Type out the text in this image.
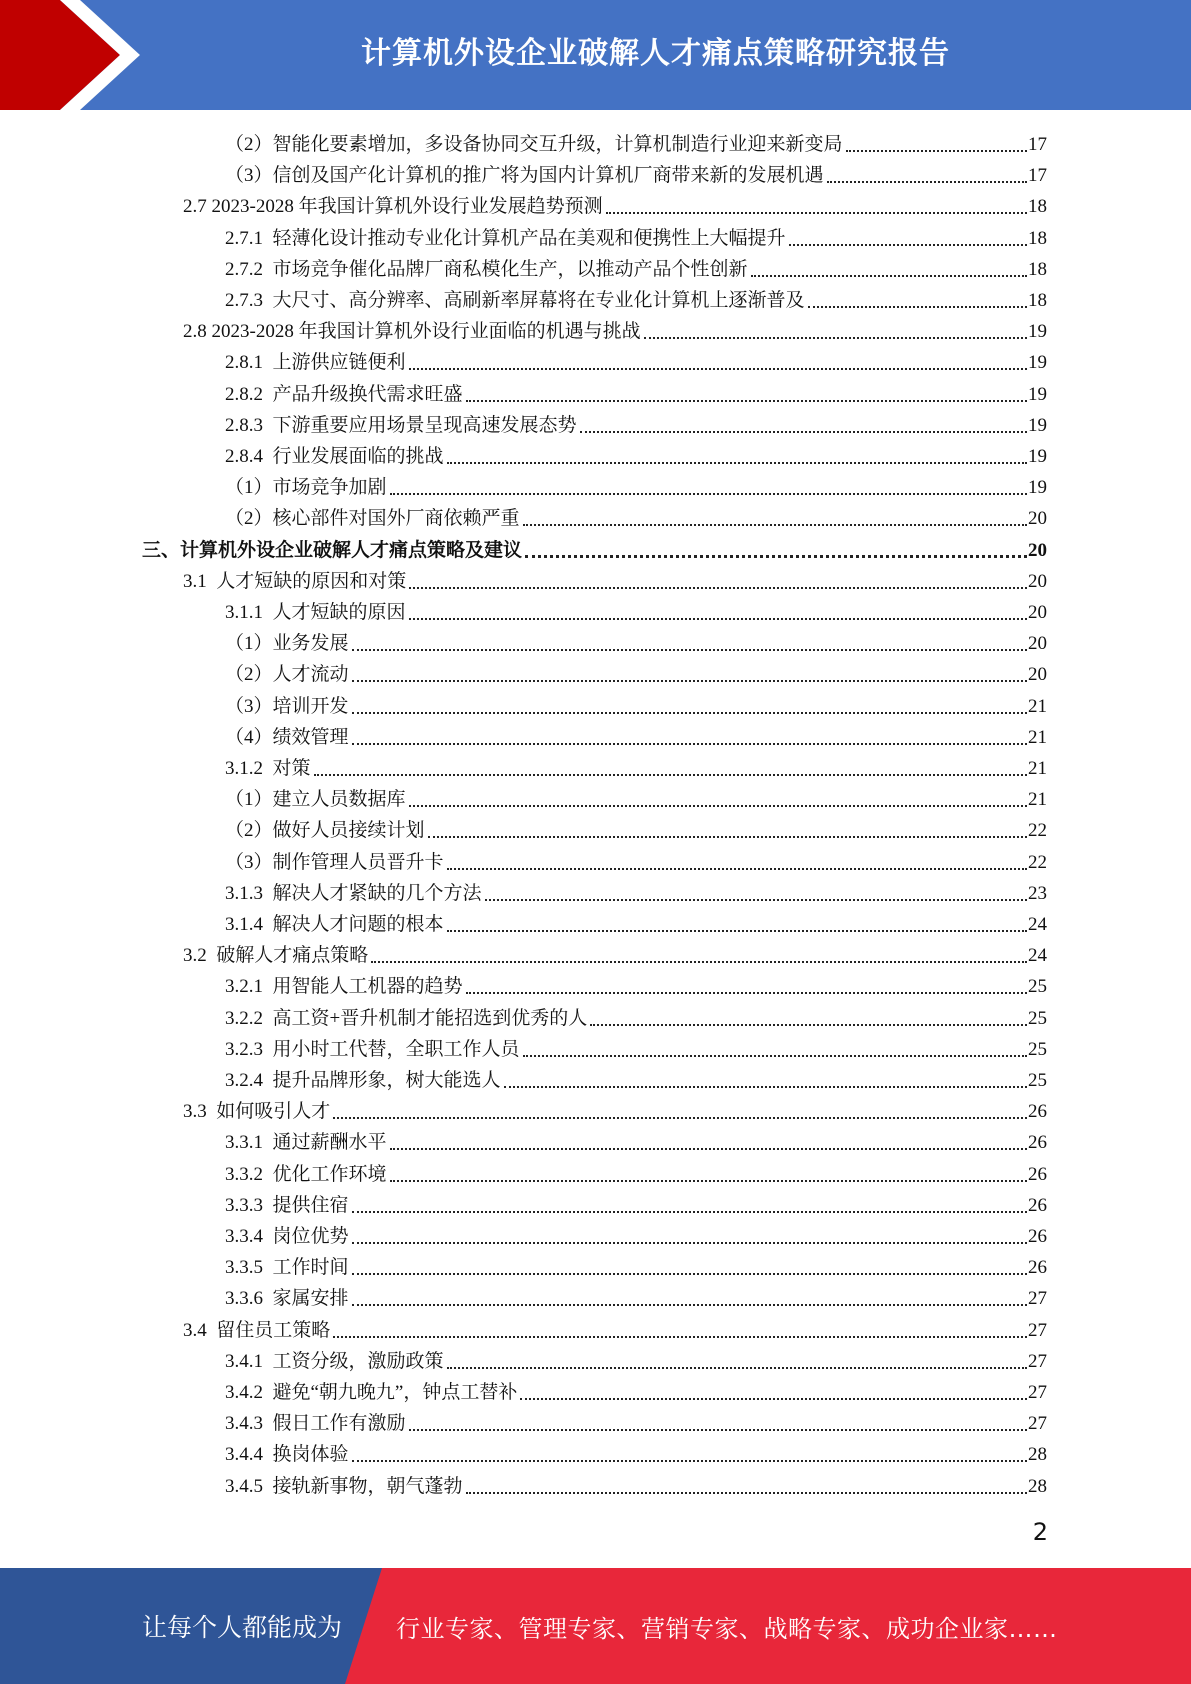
计算机外设企业破解人才痛点策略研究报告
（2）智能化要素增加，多设备协同交互升级，计算机制造行业迎来新变局	17
（3）信创及国产化计算机的推广将为国内计算机厂商带来新的发展机遇	17
2.7 2023-2028 年我国计算机外设行业发展趋势预测	18
2.7.1  轻薄化设计推动专业化计算机产品在美观和便携性上大幅提升	18
2.7.2  市场竞争催化品牌厂商私模化生产，以推动产品个性创新	18
2.7.3  大尺寸、高分辨率、高刷新率屏幕将在专业化计算机上逐渐普及	18
2.8 2023-2028 年我国计算机外设行业面临的机遇与挑战	19
2.8.1  上游供应链便利	19
2.8.2  产品升级换代需求旺盛	19
2.8.3  下游重要应用场景呈现高速发展态势	19
2.8.4  行业发展面临的挑战	19
（1）市场竞争加剧	19
（2）核心部件对国外厂商依赖严重	20
三、计算机外设企业破解人才痛点策略及建议	20
3.1  人才短缺的原因和对策	20
3.1.1  人才短缺的原因	20
（1）业务发展	20
（2）人才流动	20
（3）培训开发	21
（4）绩效管理	21
3.1.2  对策	21
（1）建立人员数据库	21
（2）做好人员接续计划	22
（3）制作管理人员晋升卡	22
3.1.3  解决人才紧缺的几个方法	23
3.1.4  解决人才问题的根本	24
3.2  破解人才痛点策略	24
3.2.1  用智能人工机器的趋势	25
3.2.2  高工资+晋升机制才能招选到优秀的人	25
3.2.3  用小时工代替，全职工作人员	25
3.2.4  提升品牌形象，树大能选人	25
3.3  如何吸引人才	26
3.3.1  通过薪酬水平	26
3.3.2  优化工作环境	26
3.3.3  提供住宿	26
3.3.4  岗位优势	26
3.3.5  工作时间	26
3.3.6  家属安排	27
3.4  留住员工策略	27
3.4.1  工资分级，激励政策	27
3.4.2  避免“朝九晚九”，钟点工替补	27
3.4.3  假日工作有激励	27
3.4.4  换岗体验	28
3.4.5  接轨新事物，朝气蓬勃	28
2
让每个人都能成为 行业专家、管理专家、营销专家、战略专家、成功企业家……
